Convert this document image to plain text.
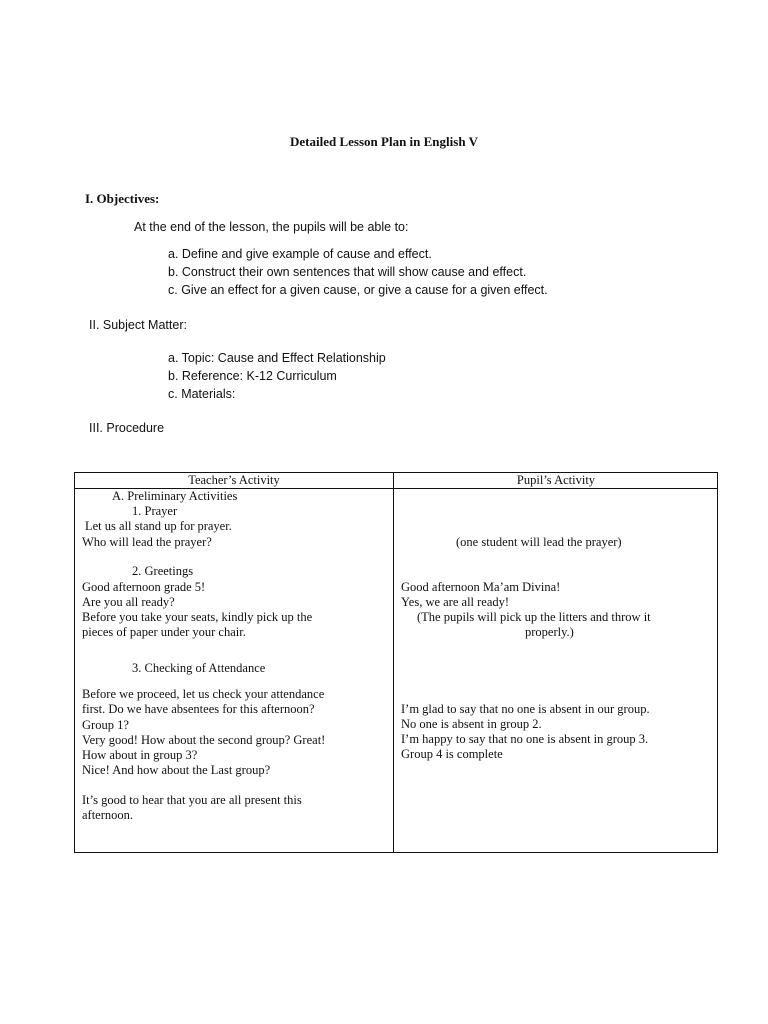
Detailed Lesson Plan in English V
I. Objectives:
At the end of the lesson, the pupils will be able to:
a. Define and give example of cause and effect.
b. Construct their own sentences that will show cause and effect.
c. Give an effect for a given cause, or give a cause for a given effect.
II. Subject Matter:
a. Topic: Cause and Effect Relationship
b. Reference: K-12 Curriculum
c. Materials:
III. Procedure
Teacher’s Activity	Pupil’s Activity
A. Preliminary Activities
1. Prayer
Let us all stand up for prayer.
Who will lead the prayer?
2. Greetings
Good afternoon grade 5!
Are you all ready?
Before you take your seats, kindly pick up the
pieces of paper under your chair.
3. Checking of Attendance
Before we proceed, let us check your attendance
first. Do we have absentees for this afternoon?
Group 1?
Very good! How about the second group? Great!
How about in group 3?
Nice! And how about the Last group?
It’s good to hear that you are all present this
afternoon.
(one student will lead the prayer)
Good afternoon Ma’am Divina!
Yes, we are all ready!
(The pupils will pick up the litters and throw it
properly.)
I’m glad to say that no one is absent in our group.
No one is absent in group 2.
I’m happy to say that no one is absent in group 3.
Group 4 is complete
